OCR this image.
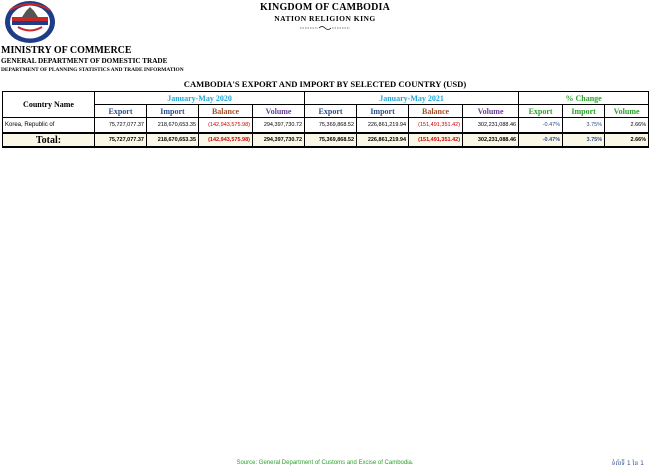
KINGDOM OF CAMBODIA
NATION RELIGION KING
MINISTRY OF COMMERCE
GENERAL DEPARTMENT OF DOMESTIC TRADE
DEPARTMENT OF PLANNING STATISTICS AND TRADE INFORMATION
CAMBODIA'S EXPORT AND IMPORT BY SELECTED COUNTRY (USD)
Country Name	January-May 2020				January-May 2021				% Change		
	Export	Import	Balance	Volume	Export	Import	Balance	Volume	Export	Import	Volume
Korea, Republic of	75,727,077.37	218,670,653.35	(142,943,575.98)	294,397,730.72	75,369,868.52	226,861,219.94	(151,491,351.42)	302,231,088.46	-0.47%	3.75%	2.66%
Total:	75,727,077.37	218,670,653.35	(142,943,575.98)	294,397,730.72	75,369,868.52	226,861,219.94	(151,491,351.42)	302,231,088.46	-0.47%	3.75%	2.66%
Source: General Department of Customs and Excise of Cambodia.	ទំព័រទី 1 នៃ 1
